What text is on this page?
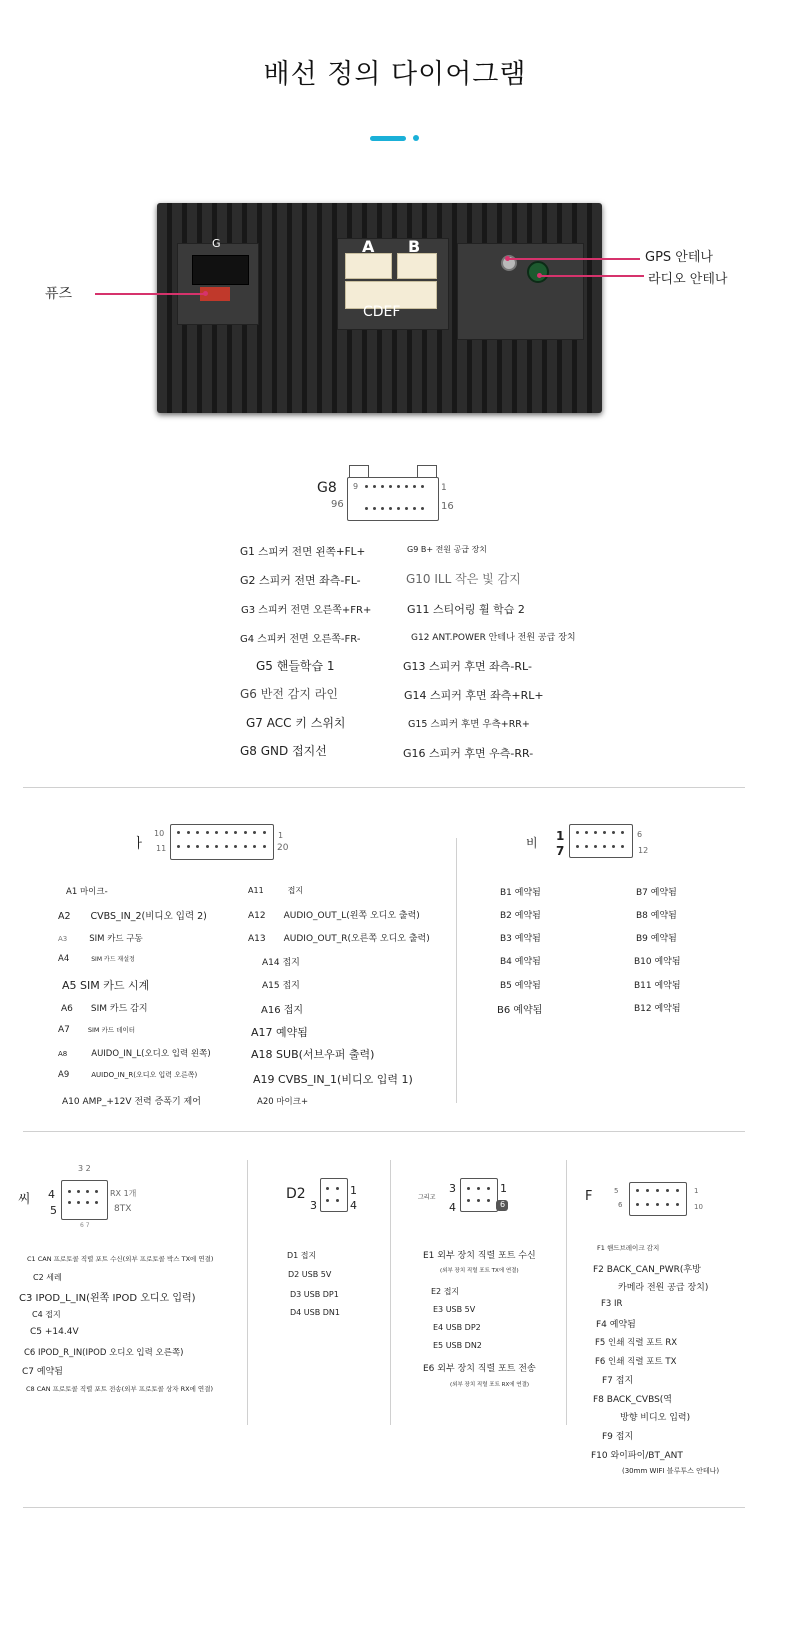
배선 정의 다이어그램
G	A B
CDEF
퓨즈
GPS 안테나
라디오 안테나
G8 9	1
96	16
G1 스피커 전면 왼쪽+FL+
G2 스피커 전면 좌측-FL-
G3 스피커 전면 오른쪽+FR+
G4 스피커 전면 오른쪽-FR-
G5 핸들학습 1
G6 반전 감지 라인
G7 ACC 키 스위치
G8 GND 접지선
G9 B+ 전원 공급 장치
G10 ILL 작은 빛 감지
G11 스티어링 휠 학습 2
G12 ANT.POWER 안테나 전원 공급 장치
G13 스피커 후면 좌측-RL-
G14 스피커 후면 좌측+RL+
G15 스피커 후면 우측+RR+
G16 스피커 후면 우측-RR-
ㅏ
10	1
11	20
A1 마이크-
A2 CVBS_IN_2(비디오 입력 2)
A3	SIM 카드 구동
A4	SIM 카드 재설정
A5 SIM 카드 시계
A6 SIM 카드 감지
A7	SIM 카드 데이터
A8	AUIDO_IN_L(오디오 입력 왼쪽)
A9	AUIDO_IN_R(오디오 입력 오른쪽)
A10 AMP_+12V 전력 증폭기 제어
A11	접지
A12 AUDIO_OUT_L(왼쪽 오디오 출력)
A13 AUDIO_OUT_R(오른쪽 오디오 출력)
A14 접지
A15 접지
A16 접지
A17 예약됨
A18 SUB(서브우퍼 출력)
A19 CVBS_IN_1(비디오 입력 1)
A20 마이크+
비 1	6
7	12
B1 예약됨
B2 예약됨
B3 예약됨
B4 예약됨
B5 예약됨
B6 예약됨
B7 예약됨
B8 예약됨
B9 예약됨
B10 예약됨
B11 예약됨
B12 예약됨
씨
3 2
4
5
RX 1개
8TX
6 7
C1 CAN 프로토콜 직렬 포트 수신(외부 프로토콜 박스 TX에 연결)
C2 세레
C3 IPOD_L_IN(왼쪽 IPOD 오디오 입력)
C4 접지
C5 +14.4V
C6 IPOD_R_IN(IPOD 오디오 입력 오른쪽)
C7 예약됨
C8 CAN 프로토콜 직렬 포트 전송(외부 프로토콜 상자 RX에 연결)
D2
3
1
4
D1 접지
D2 USB 5V
D3 USB DP1
D4 USB DN1
그리고
3
4
1
6
E1 외부 장치 직렬 포트 수신
(외부 장치 직렬 포트 TX에 연결)
E2 접지
E3 USB 5V
E4 USB DP2
E5 USB DN2
E6 외부 장치 직렬 포트 전송
(외부 장치 직렬 포트 RX에 연결)
F	5	1
6	10
F1 핸드브레이크 감지
F2 BACK_CAN_PWR(후방
카메라 전원 공급 장치)
F3 IR
F4 예약됨
F5 인쇄 직렬 포트 RX
F6 인쇄 직렬 포트 TX
F7 접지
F8 BACK_CVBS(역
방향 비디오 입력)
F9 접지
F10 와이파이/BT_ANT
(30mm WIFI 블루투스 안테나)
